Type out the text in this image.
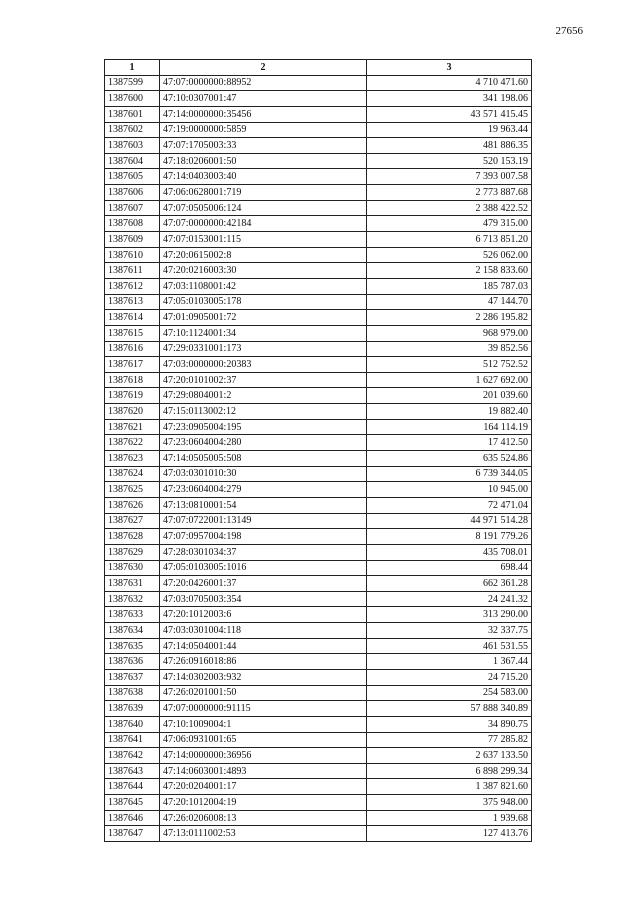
27656
1	2	3
1387599	47:07:0000000:88952	4 710 471.60
1387600	47:10:0307001:47	341 198.06
1387601	47:14:0000000:35456	43 571 415.45
1387602	47:19:0000000:5859	19 963.44
1387603	47:07:1705003:33	481 886.35
1387604	47:18:0206001:50	520 153.19
1387605	47:14:0403003:40	7 393 007.58
1387606	47:06:0628001:719	2 773 887.68
1387607	47:07:0505006:124	2 388 422.52
1387608	47:07:0000000:42184	479 315.00
1387609	47:07:0153001:115	6 713 851.20
1387610	47:20:0615002:8	526 062.00
1387611	47:20:0216003:30	2 158 833.60
1387612	47:03:1108001:42	185 787.03
1387613	47:05:0103005:178	47 144.70
1387614	47:01:0905001:72	2 286 195.82
1387615	47:10:1124001:34	968 979.00
1387616	47:29:0331001:173	39 852.56
1387617	47:03:0000000:20383	512 752.52
1387618	47:20:0101002:37	1 627 692.00
1387619	47:29:0804001:2	201 039.60
1387620	47:15:0113002:12	19 882.40
1387621	47:23:0905004:195	164 114.19
1387622	47:23:0604004:280	17 412.50
1387623	47:14:0505005:508	635 524.86
1387624	47:03:0301010:30	6 739 344.05
1387625	47:23:0604004:279	10 945.00
1387626	47:13:0810001:54	72 471.04
1387627	47:07:0722001:13149	44 971 514.28
1387628	47:07:0957004:198	8 191 779.26
1387629	47:28:0301034:37	435 708.01
1387630	47:05:0103005:1016	698.44
1387631	47:20:0426001:37	662 361.28
1387632	47:03:0705003:354	24 241.32
1387633	47:20:1012003:6	313 290.00
1387634	47:03:0301004:118	32 337.75
1387635	47:14:0504001:44	461 531.55
1387636	47:26:0916018:86	1 367.44
1387637	47:14:0302003:932	24 715.20
1387638	47:26:0201001:50	254 583.00
1387639	47:07:0000000:91115	57 888 340.89
1387640	47:10:1009004:1	34 890.75
1387641	47:06:0931001:65	77 285.82
1387642	47:14:0000000:36956	2 637 133.50
1387643	47:14:0603001:4893	6 898 299.34
1387644	47:20:0204001:17	1 387 821.60
1387645	47:20:1012004:19	375 948.00
1387646	47:26:0206008:13	1 939.68
1387647	47:13:0111002:53	127 413.76
